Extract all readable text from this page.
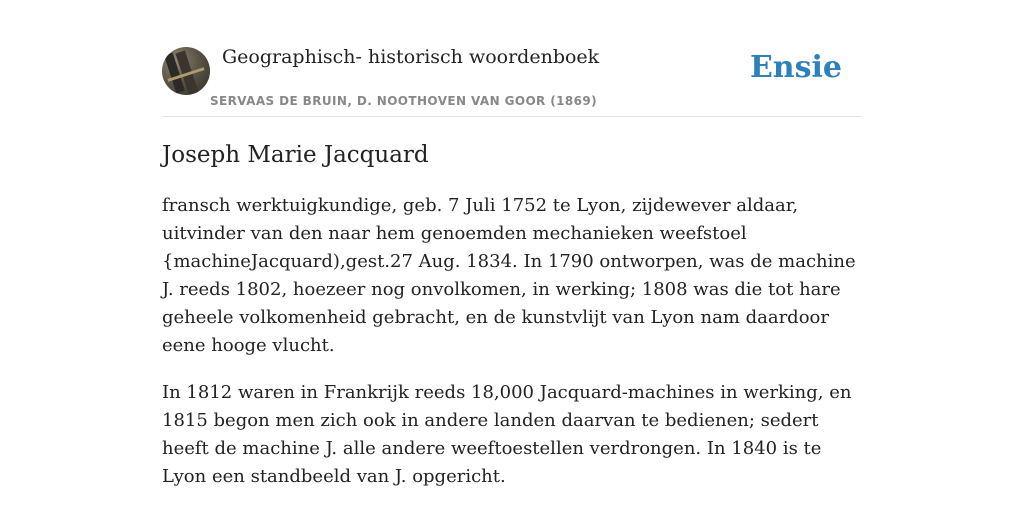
Geographisch- historisch woordenboek
SERVAAS DE BRUIN, D. NOOTHOVEN VAN GOOR (1869)
Ensie
Joseph Marie Jacquard

fransch werktuigkundige, geb. 7 Juli 1752 te Lyon, zijdewever aldaar, uitvinder van den naar hem genoemden mechanieken weefstoel {machineJacquard),gest.27 Aug. 1834. In 1790 ontworpen, was de machine J. reeds 1802, hoezeer nog onvolkomen, in werking; 1808 was die tot hare geheele volkomenheid gebracht, en de kunstvlijt van Lyon nam daardoor eene hooge vlucht.

In 1812 waren in Frankrijk reeds 18,000 Jacquard-machines in werking, en 1815 begon men zich ook in andere landen daarvan te bedienen; sedert heeft de machine J. alle andere weeftoestellen verdrongen. In 1840 is te Lyon een standbeeld van J. opgericht.
